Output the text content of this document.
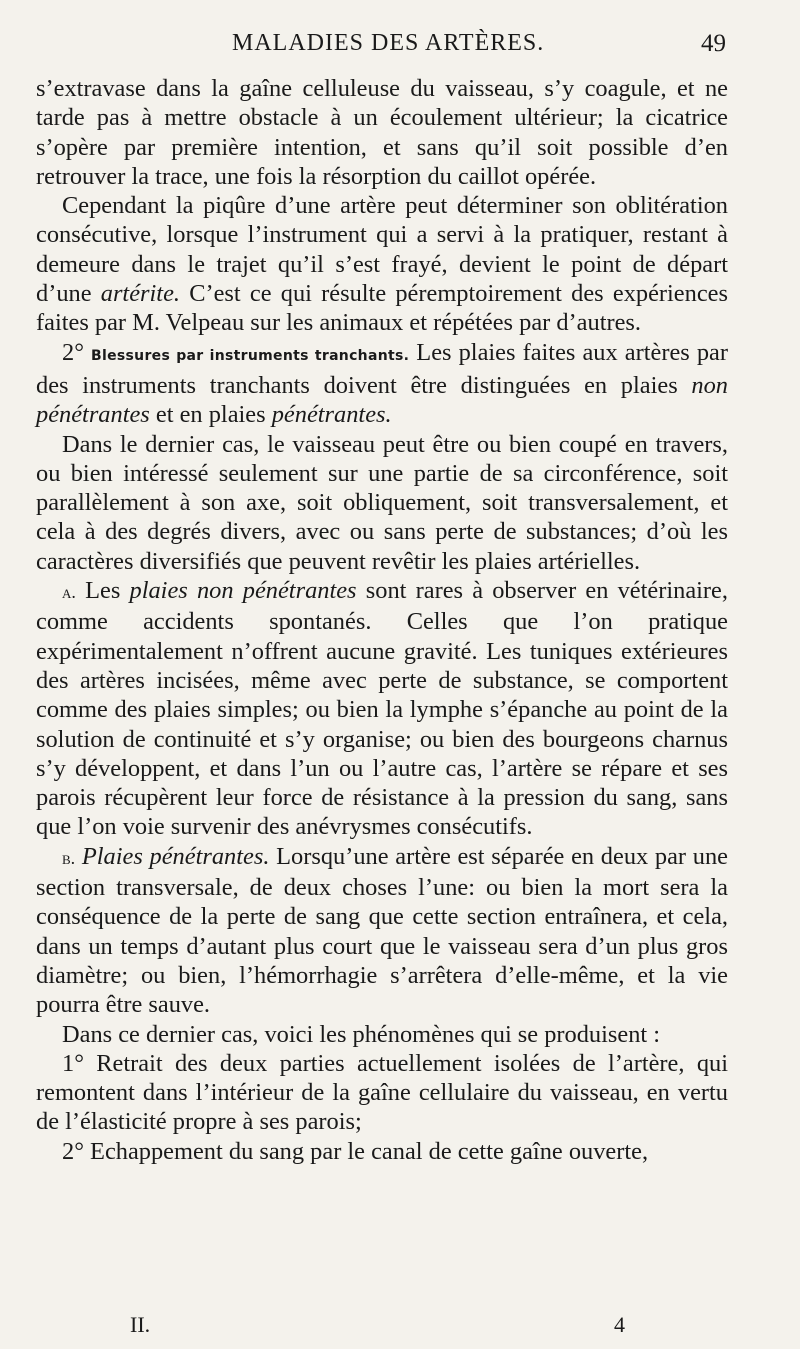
MALADIES DES ARTÈRES.	49

s’extravase dans la gaîne celluleuse du vaisseau, s’y coagule, et ne tarde pas à mettre obstacle à un écoulement ultérieur; la cicatrice s’opère par première intention, et sans qu’il soit possible d’en retrouver la trace, une fois la résorption du caillot opérée.

Cependant la piqûre d’une artère peut déterminer son oblitération consécutive, lorsque l’instrument qui a servi à la pratiquer, restant à demeure dans le trajet qu’il s’est frayé, devient le point de départ d’une artérite. C’est ce qui résulte péremptoirement des expériences faites par M. Velpeau sur les animaux et répétées par d’autres.

2° Blessures par instruments tranchants. Les plaies faites aux artères par des instruments tranchants doivent être distinguées en plaies non pénétrantes et en plaies pénétrantes.

Dans le dernier cas, le vaisseau peut être ou bien coupé en travers, ou bien intéressé seulement sur une partie de sa circonférence, soit parallèlement à son axe, soit obliquement, soit transversalement, et cela à des degrés divers, avec ou sans perte de substances; d’où les caractères diversifiés que peuvent revêtir les plaies artérielles.

a. Les plaies non pénétrantes sont rares à observer en vétérinaire, comme accidents spontanés. Celles que l’on pratique expérimentalement n’offrent aucune gravité. Les tuniques extérieures des artères incisées, même avec perte de substance, se comportent comme des plaies simples; ou bien la lymphe s’épanche au point de la solution de continuité et s’y organise; ou bien des bourgeons charnus s’y développent, et dans l’un ou l’autre cas, l’artère se répare et ses parois récupèrent leur force de résistance à la pression du sang, sans que l’on voie survenir des anévrysmes consécutifs.

b. Plaies pénétrantes. Lorsqu’une artère est séparée en deux par une section transversale, de deux choses l’une: ou bien la mort sera la conséquence de la perte de sang que cette section entraînera, et cela, dans un temps d’autant plus court que le vaisseau sera d’un plus gros diamètre; ou bien, l’hémorrhagie s’arrêtera d’elle-même, et la vie pourra être sauve.

Dans ce dernier cas, voici les phénomènes qui se produisent :

1° Retrait des deux parties actuellement isolées de l’artère, qui remontent dans l’intérieur de la gaîne cellulaire du vaisseau, en vertu de l’élasticité propre à ses parois;

2° Echappement du sang par le canal de cette gaîne ouverte,

II.	4
